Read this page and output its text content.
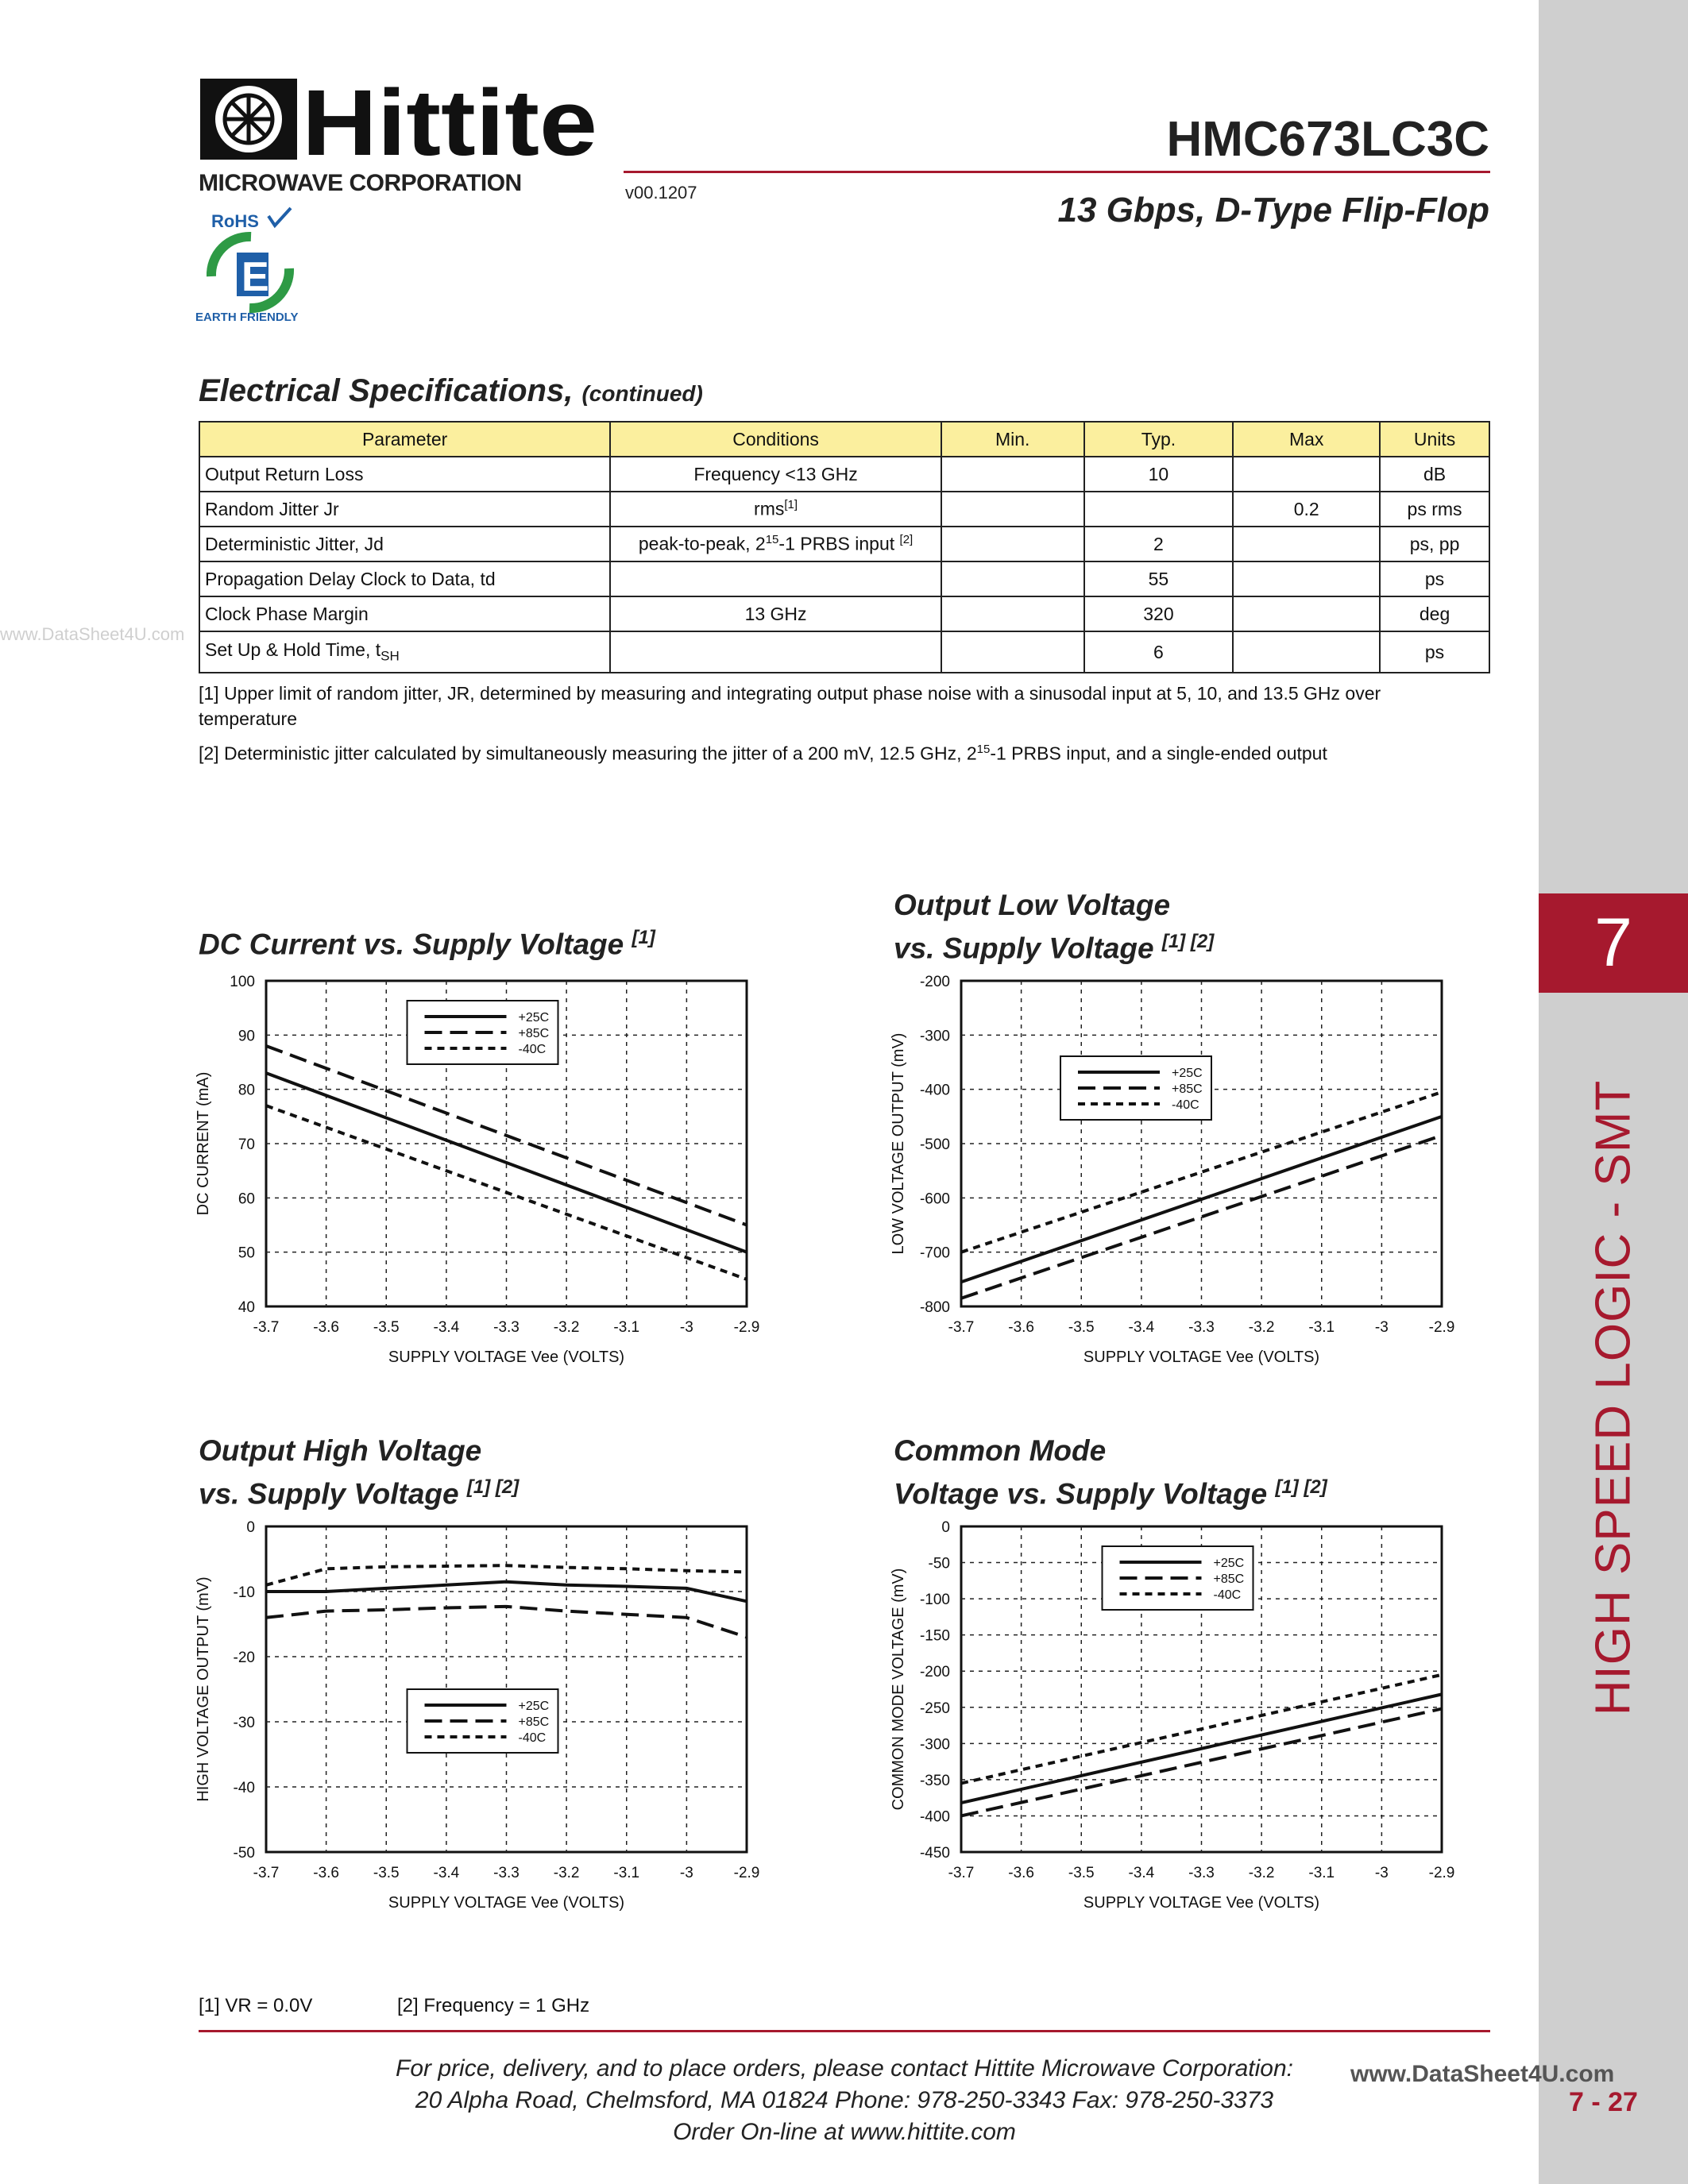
7
HIGH SPEED LOGIC - SMT
7 - 27
Hittite
MICROWAVE CORPORATION	v00.1207
HMC673LC3C
13 Gbps, D-Type Flip-Flop
RoHS
E
EARTH FRIENDLY
www.DataSheet4U.com
Electrical Specifications, (continued)
Parameter	Conditions	Min.	Typ.	Max	Units
Output Return Loss	Frequency <13 GHz		10		dB
Random Jitter Jr	rms[1]			0.2	ps rms
Deterministic Jitter, Jd	peak-to-peak, $2^{15}-1$ PRBS input [2]		2		ps, pp
Propagation Delay Clock to Data, td			55		ps
Clock Phase Margin	13 GHz		320		deg
Set Up & Hold Time, $t_{SH}$			6		ps
[1] Upper limit of random jitter, JR, determined by measuring and integrating output phase noise with a sinusodal input at 5, 10, and 13.5 GHz over
temperature
[2] Deterministic jitter calculated by simultaneously measuring the jitter of a 200 mV, 12.5 GHz, $2^{15}-1$ PRBS input, and a single-ended output
DC Current vs. Supply Voltage [1]
Output Low Voltage
vs. Supply Voltage [1] [2]
Output High Voltage
vs. Supply Voltage [1] [2]
Common Mode
Voltage vs. Supply Voltage [1] [2]
-3.7 -3.6 -3.5 -3.4 -3.3 -3.2 -3.1	-3	-2.9
40
50
60
70
80
90
100
SUPPLY VOLTAGE Vee (VOLTS)
DC CURRENT (mA)
+25C
+85C
-40C
-3.7 -3.6 -3.5 -3.4 -3.3 -3.2 -3.1	-3	-2.9
-800
-700
-600
-500
-400
-300
-200
SUPPLY VOLTAGE Vee (VOLTS)
LOW VOLTAGE OUTPUT (mV)	+25C
+85C
-40C
-3.7 -3.6 -3.5 -3.4 -3.3 -3.2 -3.1	-3	-2.9
-50
-40
-30
-20
-10
0
SUPPLY VOLTAGE Vee (VOLTS)
HIGH VOLTAGE OUTPUT (mV)	+25C
+85C
-40C
-3.7 -3.6 -3.5 -3.4 -3.3 -3.2 -3.1	-3	-2.9
-450
-400
-350
-300
-250
-200
-150
-100
-50
0
SUPPLY VOLTAGE Vee (VOLTS)
COMMON MODE VOLTAGE (mV)
+25C
+85C
-40C
[1] VR = 0.0V	[2] Frequency = 1 GHz
For price, delivery, and to place orders, please contact Hittite Microwave Corporation:
20 Alpha Road, Chelmsford, MA 01824 Phone: 978-250-3343 Fax: 978-250-3373
Order On-line at www.hittite.com
www.DataSheet4U.com
